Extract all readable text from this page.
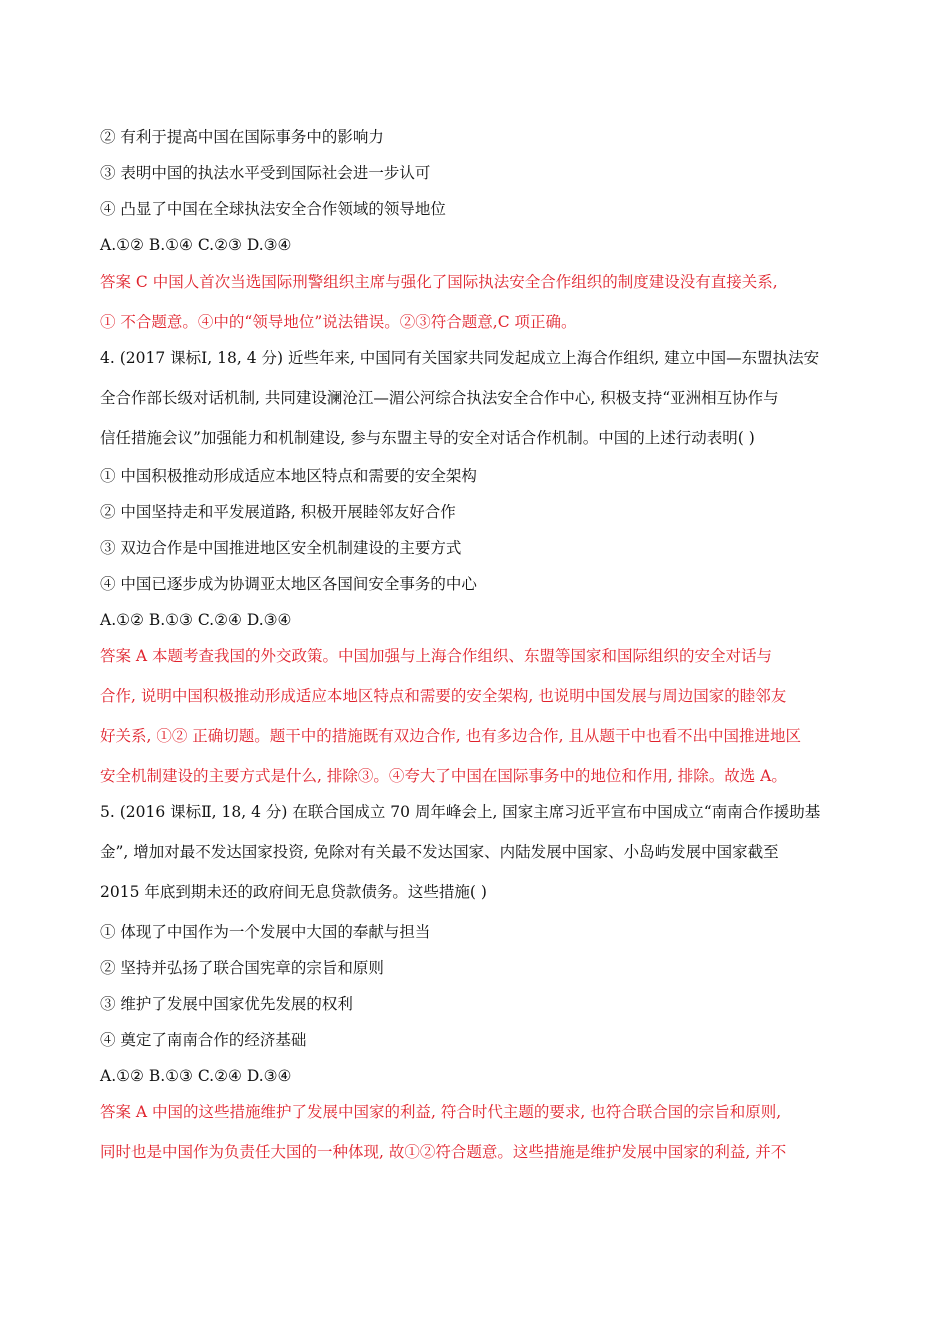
② 有利于提高中国在国际事务中的影响力
③ 表明中国的执法水平受到国际社会进一步认可
④ 凸显了中国在全球执法安全合作领域的领导地位
A.①② B.①④ C.②③ D.③④
答案 C 中国人首次当选国际刑警组织主席与强化了国际执法安全合作组织的制度建设没有直接关系,
① 不合题意。④中的“领导地位”说法错误。②③符合题意,C 项正确。
4. (2017 课标Ⅰ, 18, 4 分) 近些年来, 中国同有关国家共同发起成立上海合作组织, 建立中国—东盟执法安
全合作部长级对话机制, 共同建设澜沧江—湄公河综合执法安全合作中心, 积极支持“亚洲相互协作与
信任措施会议”加强能力和机制建设, 参与东盟主导的安全对话合作机制。中国的上述行动表明( )
① 中国积极推动形成适应本地区特点和需要的安全架构
② 中国坚持走和平发展道路, 积极开展睦邻友好合作
③ 双边合作是中国推进地区安全机制建设的主要方式
④ 中国已逐步成为协调亚太地区各国间安全事务的中心
A.①② B.①③ C.②④ D.③④
答案 A 本题考查我国的外交政策。中国加强与上海合作组织、东盟等国家和国际组织的安全对话与
合作, 说明中国积极推动形成适应本地区特点和需要的安全架构, 也说明中国发展与周边国家的睦邻友
好关系, ①② 正确切题。题干中的措施既有双边合作, 也有多边合作, 且从题干中也看不出中国推进地区
安全机制建设的主要方式是什么, 排除③。④夸大了中国在国际事务中的地位和作用, 排除。故选 A。
5. (2016 课标Ⅱ, 18, 4 分) 在联合国成立 70 周年峰会上, 国家主席习近平宣布中国成立“南南合作援助基
金”, 增加对最不发达国家投资, 免除对有关最不发达国家、内陆发展中国家、小岛屿发展中国家截至
2015 年底到期未还的政府间无息贷款债务。这些措施( )
① 体现了中国作为一个发展中大国的奉献与担当
② 坚持并弘扬了联合国宪章的宗旨和原则
③ 维护了发展中国家优先发展的权利
④ 奠定了南南合作的经济基础
A.①② B.①③ C.②④ D.③④
答案 A 中国的这些措施维护了发展中国家的利益, 符合时代主题的要求, 也符合联合国的宗旨和原则,
同时也是中国作为负责任大国的一种体现, 故①②符合题意。这些措施是维护发展中国家的利益, 并不
